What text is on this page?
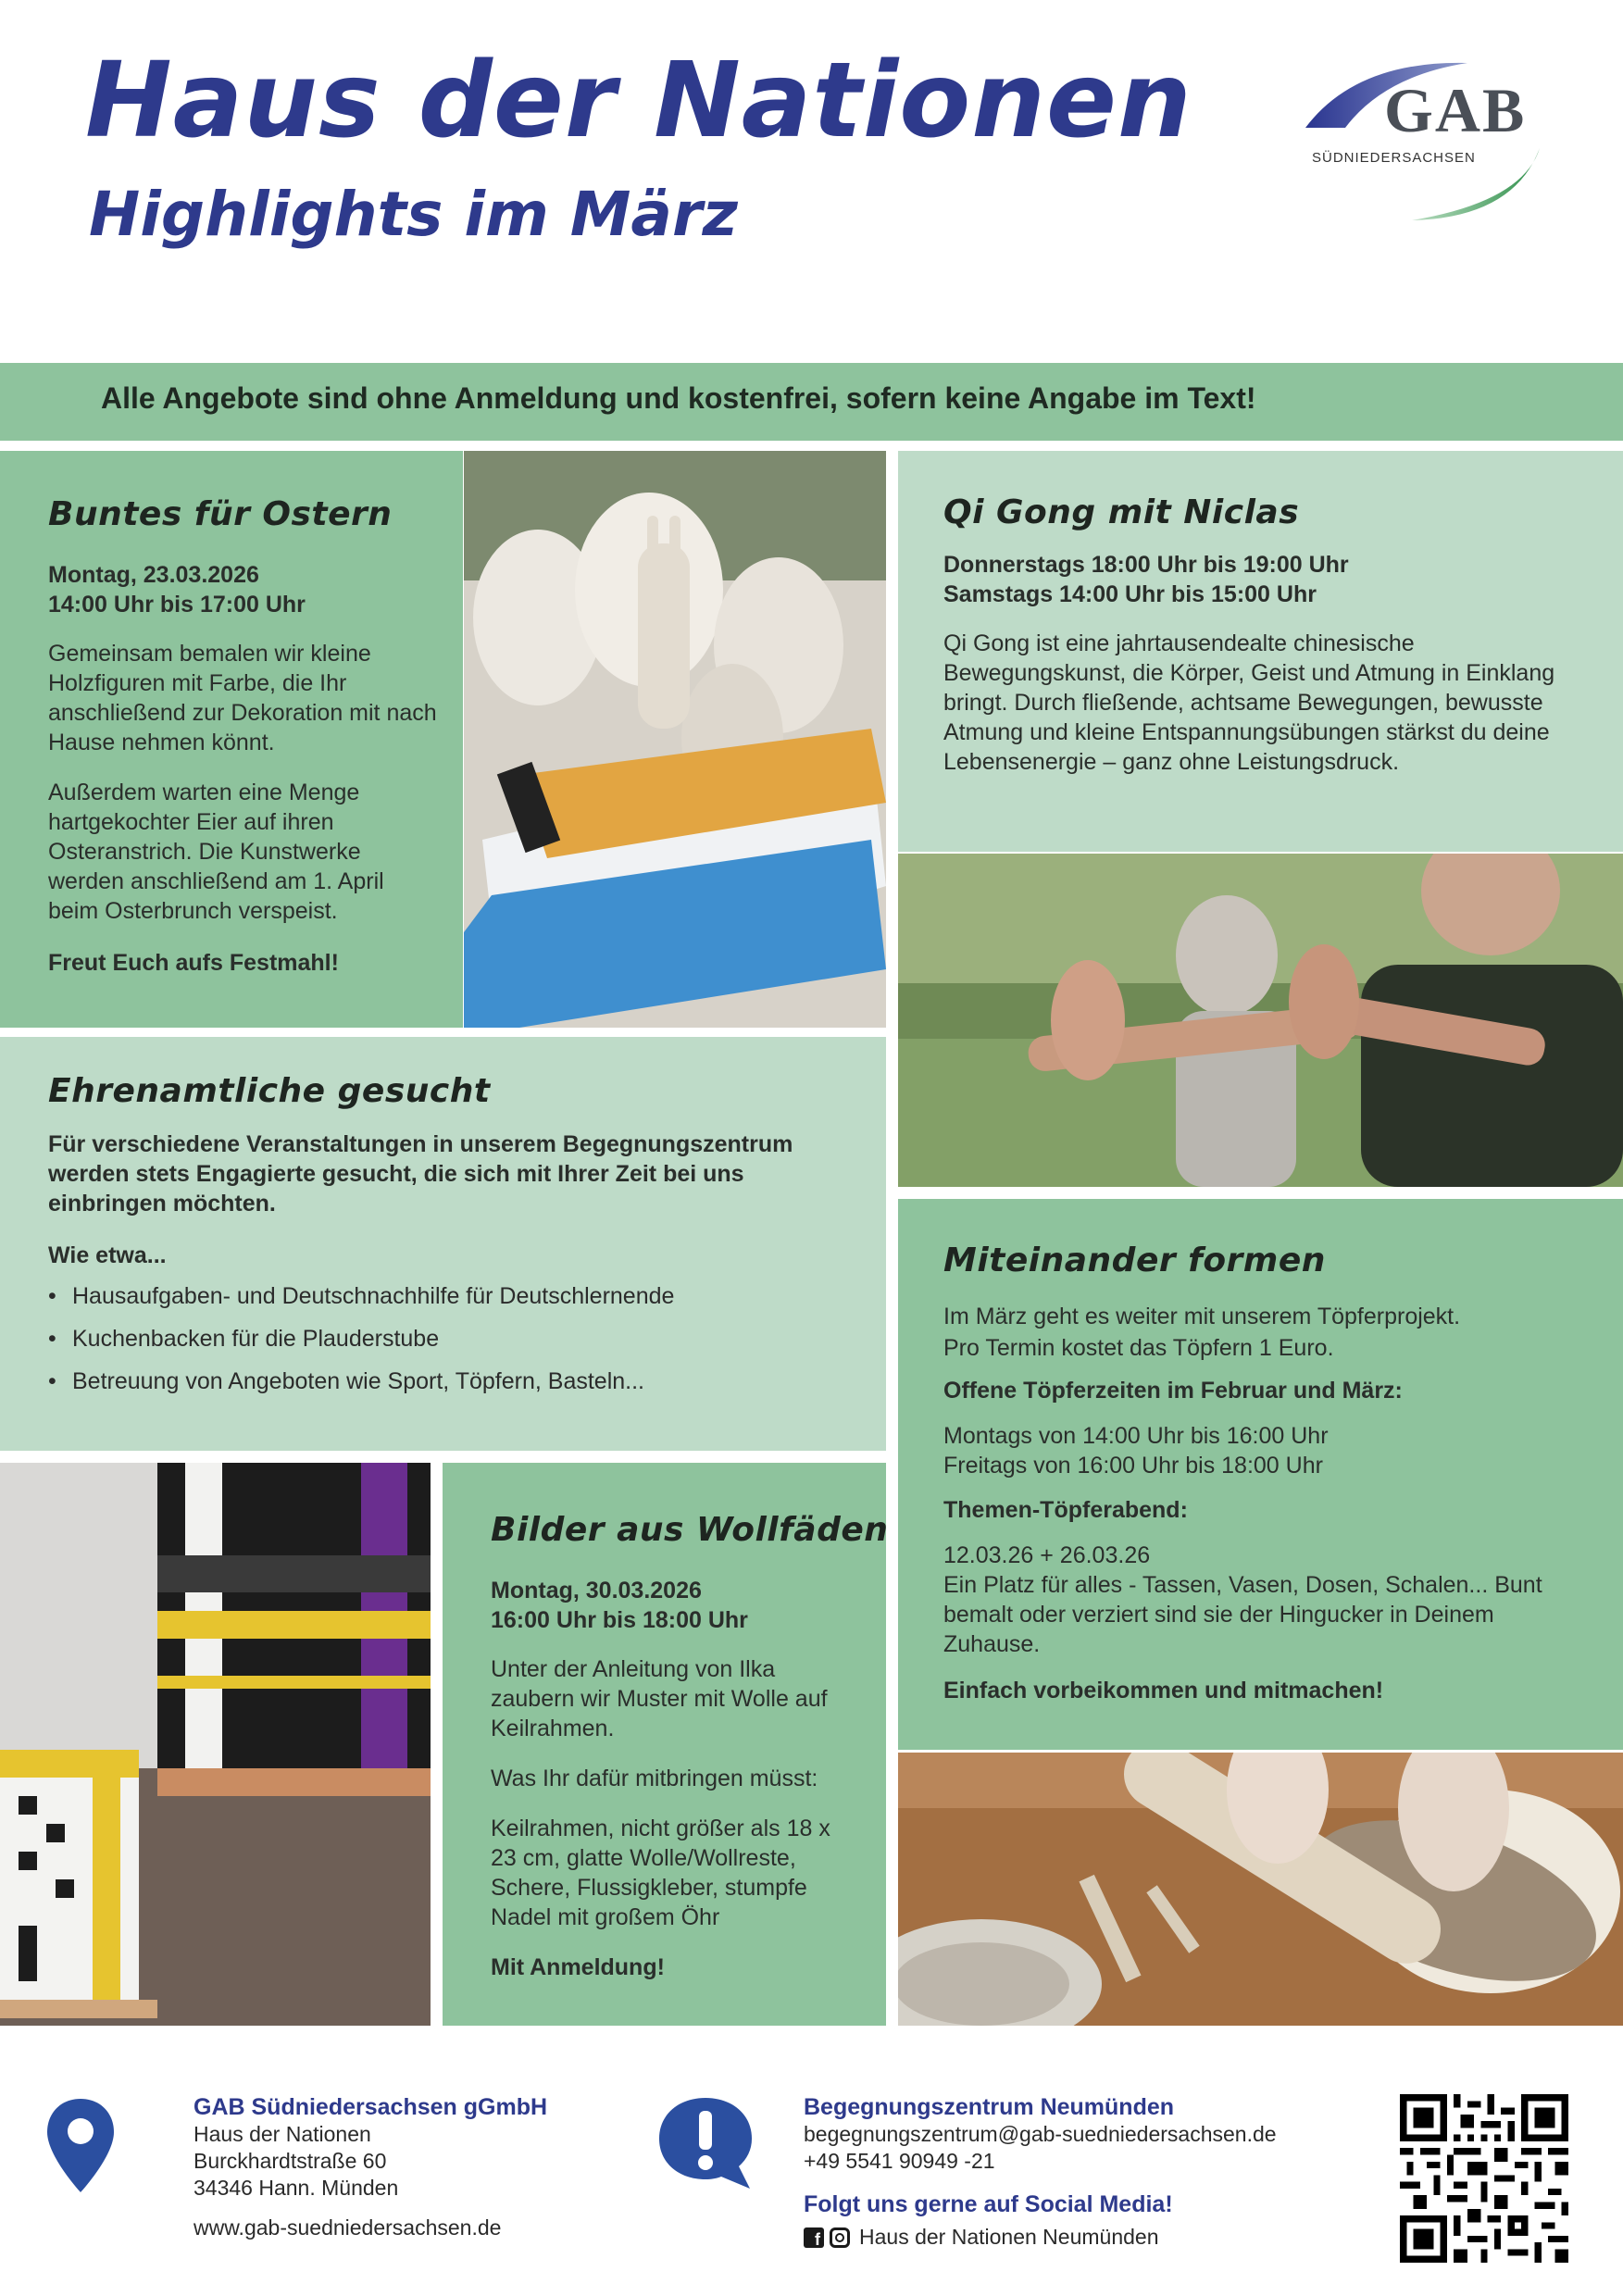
Haus der Nationen
Highlights im März
GAB
SÜDNIEDERSACHSEN
Alle Angebote sind ohne Anmeldung und kostenfrei, sofern keine Angabe im Text!
Buntes für Ostern
Montag, 23.03.2026
14:00 Uhr bis 17:00 Uhr
Gemeinsam bemalen wir kleine Holzfiguren mit Farbe, die Ihr anschließend zur Dekoration mit nach Hause nehmen könnt.
Außerdem warten eine Menge hartgekochter Eier auf ihren Osteranstrich. Die Kunstwerke werden anschließend am 1. April beim Osterbrunch verspeist.
Freut Euch aufs Festmahl!
Qi Gong mit Niclas
Donnerstags 18:00 Uhr bis 19:00 Uhr
Samstags 14:00 Uhr bis 15:00 Uhr
Qi Gong ist eine jahrtausendealte chinesische Bewegungskunst, die Körper, Geist und Atmung in Einklang bringt. Durch fließende, achtsame Bewegungen, bewusste Atmung und kleine Entspannungsübungen stärkst du deine Lebensenergie – ganz ohne Leistungsdruck.
Ehrenamtliche gesucht
Für verschiedene Veranstaltungen in unserem Begegnungszentrum werden stets Engagierte gesucht, die sich mit Ihrer Zeit bei uns einbringen möchten.
Wie etwa...
• Hausaufgaben- und Deutschnachhilfe für Deutschlernende
• Kuchenbacken für die Plauderstube
• Betreuung von Angeboten wie Sport, Töpfern, Basteln...
Miteinander formen
Im März geht es weiter mit unserem Töpferprojekt.
Pro Termin kostet das Töpfern 1 Euro.
Offene Töpferzeiten im Februar und März:
Montags von 14:00 Uhr bis 16:00 Uhr
Freitags von 16:00 Uhr bis 18:00 Uhr
Themen-Töpferabend:
12.03.26 + 26.03.26
Ein Platz für alles - Tassen, Vasen, Dosen, Schalen... Bunt bemalt oder verziert sind sie der Hingucker in Deinem Zuhause.
Einfach vorbeikommen und mitmachen!
Bilder aus Wollfäden
Montag, 30.03.2026
16:00 Uhr bis 18:00 Uhr
Unter der Anleitung von Ilka zaubern wir Muster mit Wolle auf Keilrahmen.
Was Ihr dafür mitbringen müsst:
Keilrahmen, nicht größer als 18 x 23 cm, glatte Wolle/Wollreste, Schere, Flussigkleber, stumpfe Nadel mit großem Öhr
Mit Anmeldung!
GAB Südniedersachsen gGmbH
Haus der Nationen
Burckhardtstraße 60
34346 Hann. Münden
www.gab-suedniedersachsen.de
Begegnungszentrum Neumünden
begegnungszentrum@gab-suedniedersachsen.de
+49 5541 90949 -21
Folgt uns gerne auf Social Media!
f Haus der Nationen Neumünden
